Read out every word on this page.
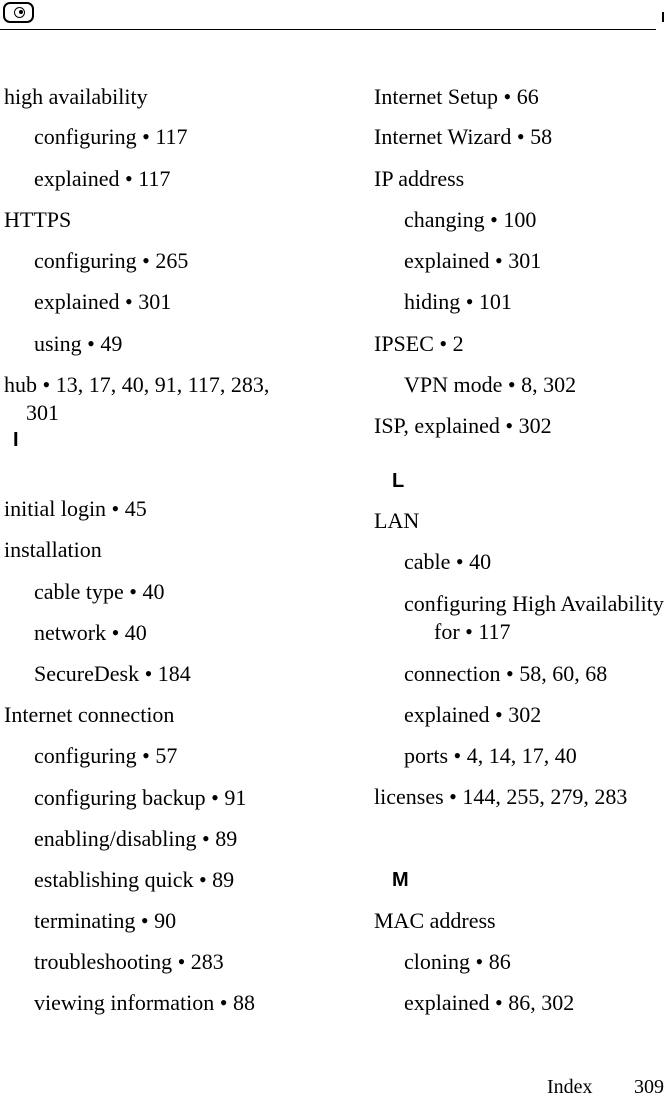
high availability
configuring • 117
explained • 117
HTTPS
configuring • 265
explained • 301
using • 49
hub • 13, 17, 40, 91, 117, 283, 301
I
initial login • 45
installation
cable type • 40
network • 40
SecureDesk • 184
Internet connection
configuring • 57
configuring backup • 91
enabling/disabling • 89
establishing quick • 89
terminating • 90
troubleshooting • 283
viewing information • 88
Internet Setup • 66
Internet Wizard • 58
IP address
changing • 100
explained • 301
hiding • 101
IPSEC • 2
VPN mode • 8, 302
ISP, explained • 302
L
LAN
cable • 40
configuring High Availability for • 117
connection • 58, 60, 68
explained • 302
ports • 4, 14, 17, 40
licenses • 144, 255, 279, 283
M
MAC address
cloning • 86
explained • 86, 302
Index 309
